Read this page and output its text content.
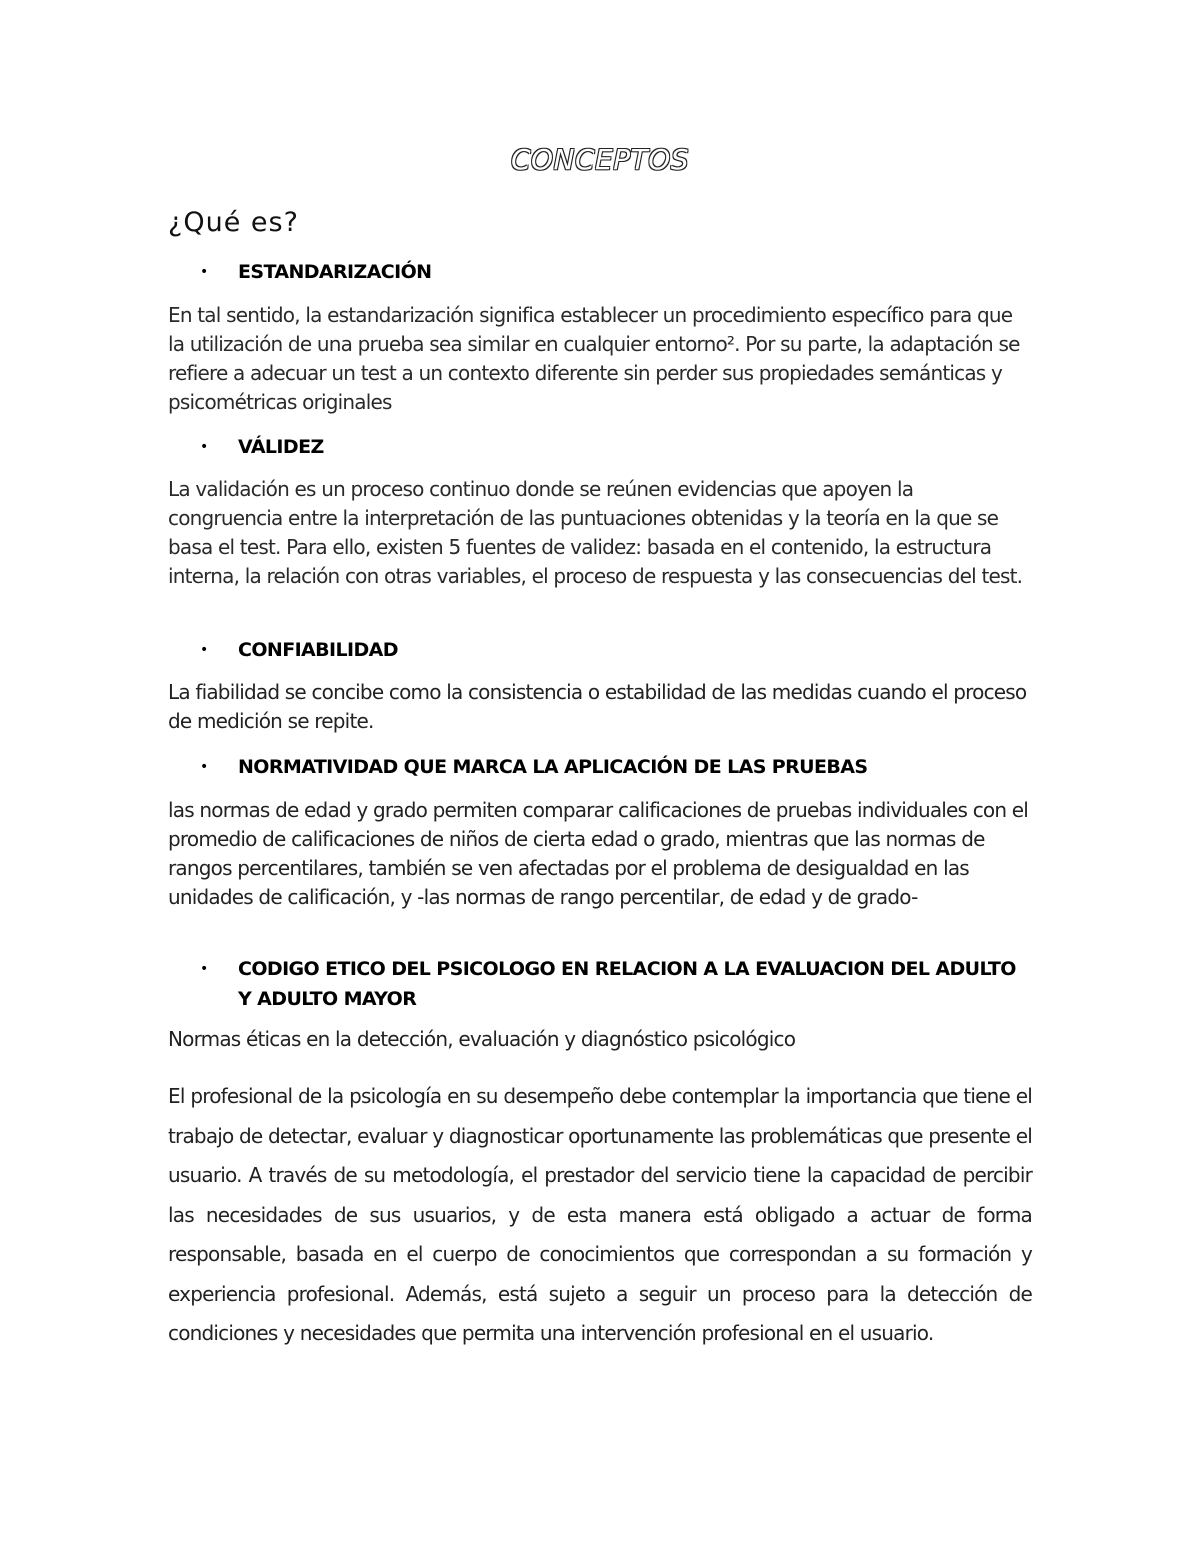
CONCEPTOS
¿Qué es?
•	ESTANDARIZACIÓN
En tal sentido, la estandarización significa establecer un procedimiento específico para que la utilización de una prueba sea similar en cualquier entorno². Por su parte, la adaptación se refiere a adecuar un test a un contexto diferente sin perder sus propiedades semánticas y psicométricas originales
•	VÁLIDEZ
La validación es un proceso continuo donde se reúnen evidencias que apoyen la congruencia entre la interpretación de las puntuaciones obtenidas y la teoría en la que se basa el test. Para ello, existen 5 fuentes de validez: basada en el contenido, la estructura interna, la relación con otras variables, el proceso de respuesta y las consecuencias del test.
•	CONFIABILIDAD
La fiabilidad se concibe como la consistencia o estabilidad de las medidas cuando el proceso de medición se repite.
•	NORMATIVIDAD QUE MARCA LA APLICACIÓN DE LAS PRUEBAS
las normas de edad y grado permiten comparar calificaciones de pruebas individuales con el promedio de calificaciones de niños de cierta edad o grado, mientras que las normas de rangos percentilares, también se ven afectadas por el problema de desigualdad en las unidades de calificación, y -las normas de rango percentilar, de edad y de grado-
•	CODIGO ETICO DEL PSICOLOGO EN RELACION A LA EVALUACION DEL ADULTO Y ADULTO MAYOR
Normas éticas en la detección, evaluación y diagnóstico psicológico
El profesional de la psicología en su desempeño debe contemplar la importancia que tiene el trabajo de detectar, evaluar y diagnosticar oportunamente las problemáticas que presente el usuario. A través de su metodología, el prestador del servicio tiene la capacidad de percibir las necesidades de sus usuarios, y de esta manera está obligado a actuar de forma responsable, basada en el cuerpo de conocimientos que correspondan a su formación y experiencia profesional. Además, está sujeto a seguir un proceso para la detección de condiciones y necesidades que permita una intervención profesional en el usuario.
